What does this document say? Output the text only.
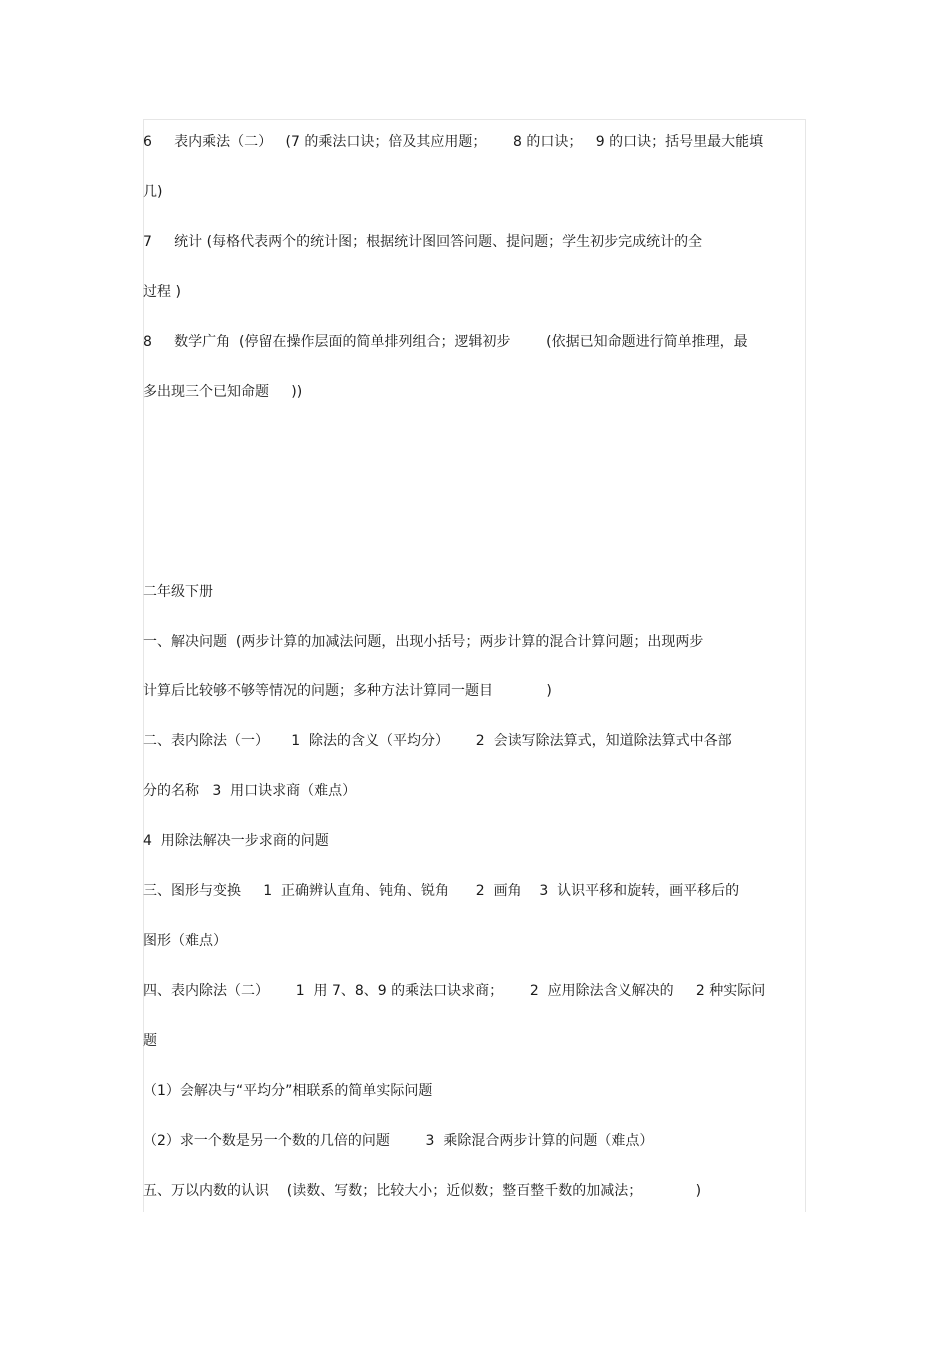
6     表内乘法（二）   (7 的乘法口诀；倍及其应用题；      8 的口诀；   9 的口诀；括号里最大能填
几)
7     统计 (每格代表两个的统计图；根据统计图回答问题、提问题；学生初步完成统计的全
过程 )
8     数学广角  (停留在操作层面的简单排列组合；逻辑初步        (依据已知命题进行简单推理，最
多出现三个已知命题     ))
二年级下册
一、解决问题  (两步计算的加减法问题，出现小括号；两步计算的混合计算问题；出现两步
计算后比较够不够等情况的问题；多种方法计算同一题目            )
二、表内除法（一）     1  除法的含义（平均分）      2  会读写除法算式，知道除法算式中各部
分的名称   3  用口诀求商（难点）
4  用除法解决一步求商的问题
三、图形与变换     1  正确辨认直角、钝角、锐角      2  画角    3  认识平移和旋转，画平移后的
图形（难点）
四、表内除法（二）      1  用 7、8、9 的乘法口诀求商；      2  应用除法含义解决的     2 种实际问
题
（1）会解决与“平均分”相联系的简单实际问题
（2）求一个数是另一个数的几倍的问题        3  乘除混合两步计算的问题（难点）
五、万以内数的认识    (读数、写数；比较大小；近似数；整百整千数的加减法；            )
